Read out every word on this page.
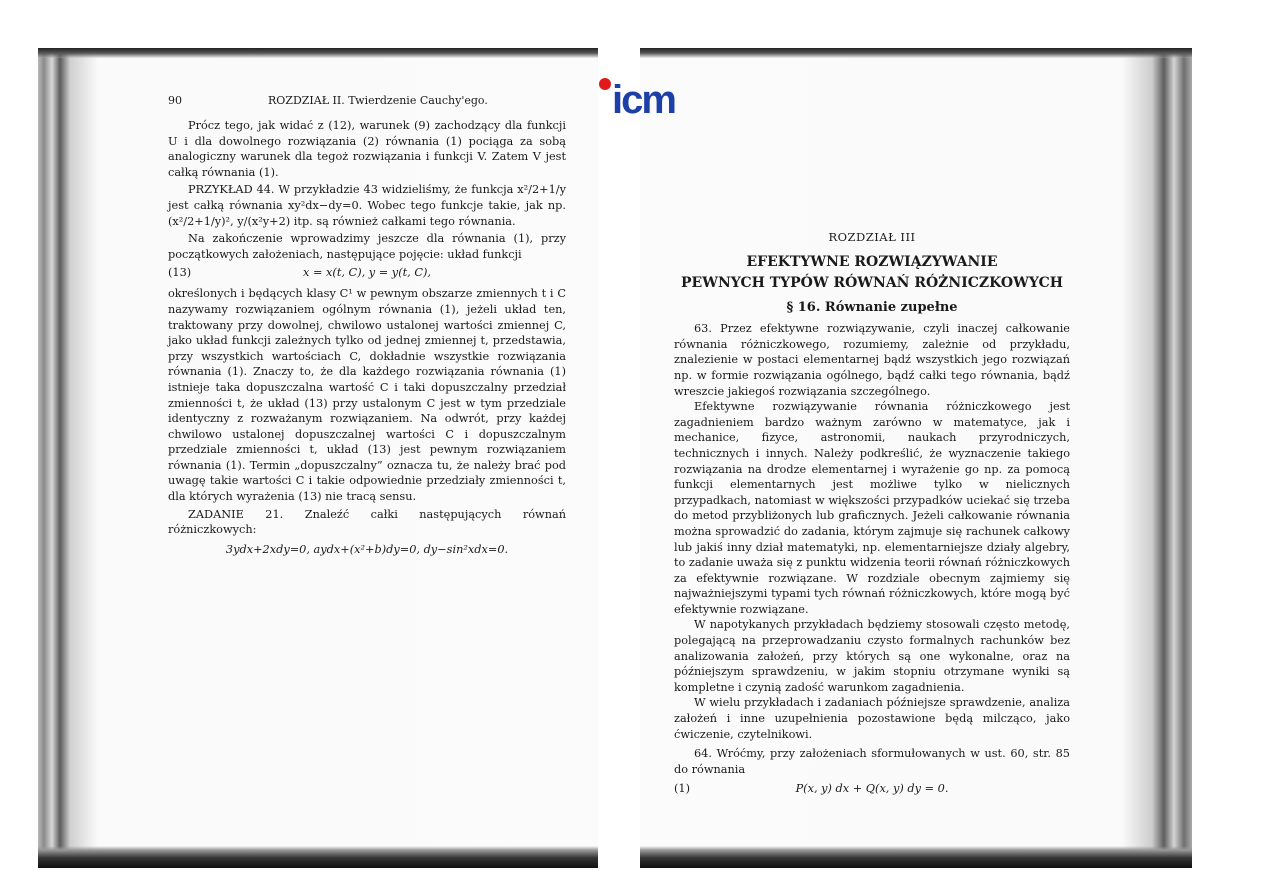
90	ROZDZIAŁ II. Twierdzenie Cauchy'ego.

Prócz tego, jak widać z (12), warunek (9) zachodzący dla funkcji U i dla dowolnego rozwiązania (2) równania (1) pociąga za sobą analogiczny warunek dla tegoż rozwiązania i funkcji V. Zatem V jest całką równania (1).

PRZYKŁAD 44. W przykładzie 43 widzieliśmy, że funkcja x²/2+1/y jest całką równania xy²dx−dy=0. Wobec tego funkcje takie, jak np. (x²/2+1/y)², y/(x²y+2) itp. są również całkami tego równania.

Na zakończenie wprowadzimy jeszcze dla równania (1), przy początkowych założeniach, następujące pojęcie: układ funkcji

(13)	x = x(t, C), y = y(t, C),

określonych i będących klasy C¹ w pewnym obszarze zmiennych t i C nazywamy rozwiązaniem ogólnym równania (1), jeżeli układ ten, traktowany przy dowolnej, chwilowo ustalonej wartości zmiennej C, jako układ funkcji zależnych tylko od jednej zmiennej t, przedstawia, przy wszystkich wartościach C, dokładnie wszystkie rozwiązania równania (1). Znaczy to, że dla każdego rozwiązania równania (1) istnieje taka dopuszczalna wartość C i taki dopuszczalny przedział zmienności t, że układ (13) przy ustalonym C jest w tym przedziale identyczny z rozważanym rozwiązaniem. Na odwrót, przy każdej chwilowo ustalonej dopuszczalnej wartości C i dopuszczalnym przedziale zmienności t, układ (13) jest pewnym rozwiązaniem równania (1). Termin „dopuszczalny” oznacza tu, że należy brać pod uwagę takie wartości C i takie odpowiednie przedziały zmienności t, dla których wyrażenia (13) nie tracą sensu.

ZADANIE 21. Znaleźć całki następujących równań różniczkowych:

3ydx+2xdy=0, aydx+(x²+b)dy=0, dy−sin²xdx=0.
ROZDZIAŁ III
EFEKTYWNE ROZWIĄZYWANIE
PEWNYCH TYPÓW RÓWNAŃ RÓŻNICZKOWYCH
§ 16. Równanie zupełne

63. Przez efektywne rozwiązywanie, czyli inaczej całkowanie równania różniczkowego, rozumiemy, zależnie od przykładu, znalezienie w postaci elementarnej bądź wszystkich jego rozwiązań np. w formie rozwiązania ogólnego, bądź całki tego równania, bądź wreszcie jakiegoś rozwiązania szczególnego.

Efektywne rozwiązywanie równania różniczkowego jest zagadnieniem bardzo ważnym zarówno w matematyce, jak i mechanice, fizyce, astronomii, naukach przyrodniczych, technicznych i innych. Należy podkreślić, że wyznaczenie takiego rozwiązania na drodze elementarnej i wyrażenie go np. za pomocą funkcji elementarnych jest możliwe tylko w nielicznych przypadkach, natomiast w większości przypadków uciekać się trzeba do metod przybliżonych lub graficznych. Jeżeli całkowanie równania można sprowadzić do zadania, którym zajmuje się rachunek całkowy lub jakiś inny dział matematyki, np. elementarniejsze działy algebry, to zadanie uważa się z punktu widzenia teorii równań różniczkowych za efektywnie rozwiązane. W rozdziale obecnym zajmiemy się najważniejszymi typami tych równań różniczkowych, które mogą być efektywnie rozwiązane.

W napotykanych przykładach będziemy stosowali często metodę, polegającą na przeprowadzaniu czysto formalnych rachunków bez analizowania założeń, przy których są one wykonalne, oraz na późniejszym sprawdzeniu, w jakim stopniu otrzymane wyniki są kompletne i czynią zadość warunkom zagadnienia.

W wielu przykładach i zadaniach późniejsze sprawdzenie, analiza założeń i inne uzupełnienia pozostawione będą milcząco, jako ćwiczenie, czytelnikowi.

64. Wróćmy, przy założeniach sformułowanych w ust. 60, str. 85 do równania

(1)	P(x, y) dx + Q(x, y) dy = 0.
icm
